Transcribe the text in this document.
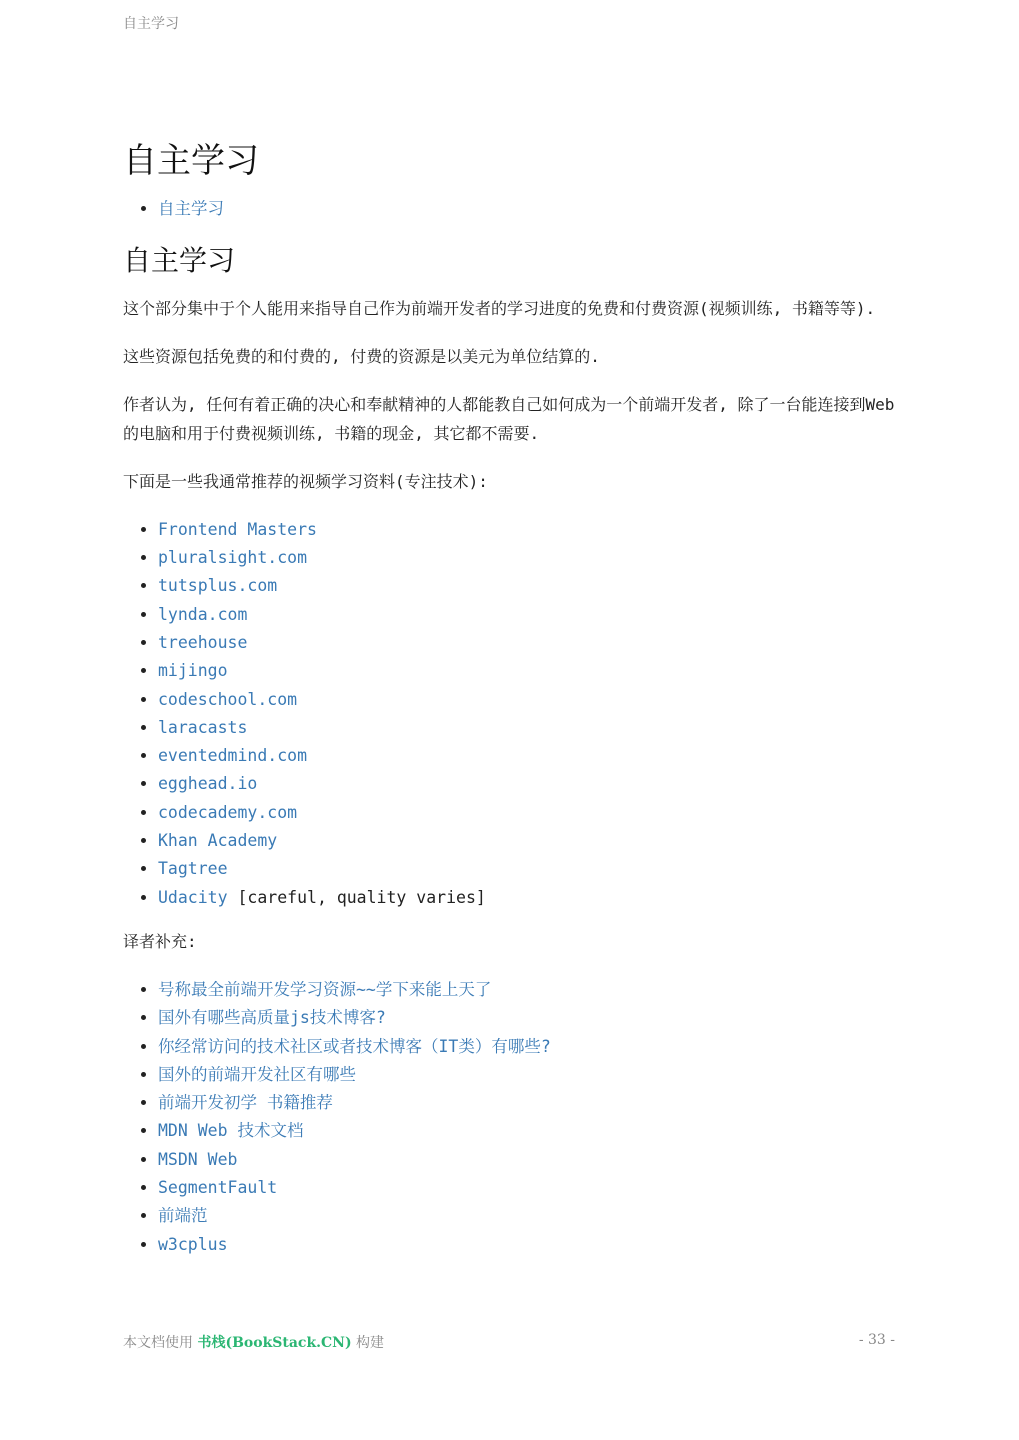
自主学习
自主学习
• 自主学习
自主学习

这个部分集中于个人能用来指导自己作为前端开发者的学习进度的免费和付费资源(视频训练, 书籍等等).

这些资源包括免费的和付费的, 付费的资源是以美元为单位结算的.

作者认为, 任何有着正确的决心和奉献精神的人都能教自己如何成为一个前端开发者, 除了一台能连接到Web的电脑和用于付费视频训练, 书籍的现金, 其它都不需要.

下面是一些我通常推荐的视频学习资料(专注技术):

• Frontend Masters
• pluralsight.com
• tutsplus.com
• lynda.com
• treehouse
• mijingo
• codeschool.com
• laracasts
• eventedmind.com
• egghead.io
• codecademy.com
• Khan Academy
• Tagtree
• Udacity [careful, quality varies]

译者补充:

• 号称最全前端开发学习资源~~学下来能上天了
• 国外有哪些高质量js技术博客?
• 你经常访问的技术社区或者技术博客（IT类）有哪些?
• 国外的前端开发社区有哪些
• 前端开发初学 书籍推荐
• MDN Web 技术文档
• MSDN Web
• SegmentFault
• 前端范
• w3cplus
本文档使用 书栈(BookStack.CN) 构建	- 33 -
